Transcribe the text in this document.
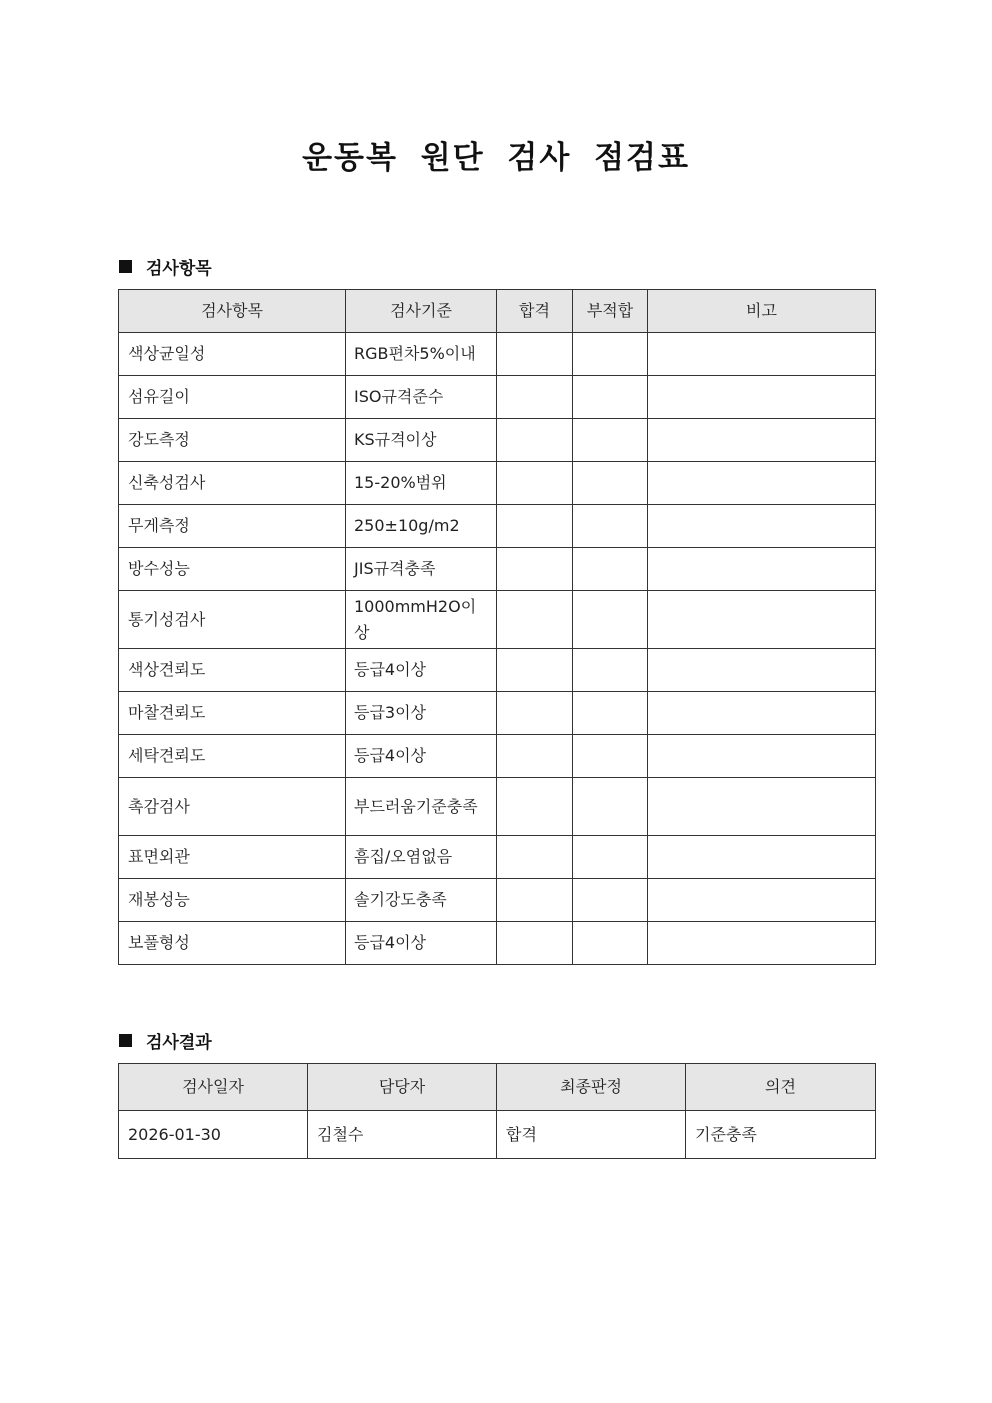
운동복 원단 검사 점검표
검사항목
검사항목	검사기준	합격	부적합	비고
색상균일성	RGB편차5%이내			
섬유길이	ISO규격준수			
강도측정	KS규격이상			
신축성검사	15-20%범위			
무게측정	250±10g/m2			
방수성능	JIS규격충족			
통기성검사	1000mmH2O이상			
색상견뢰도	등급4이상			
마찰견뢰도	등급3이상			
세탁견뢰도	등급4이상			
촉감검사	부드러움기준충족			
표면외관	흠집/오염없음			
재봉성능	솔기강도충족			
보풀형성	등급4이상			
검사결과
검사일자	담당자	최종판정	의견
2026-01-30	김철수	합격	기준충족
